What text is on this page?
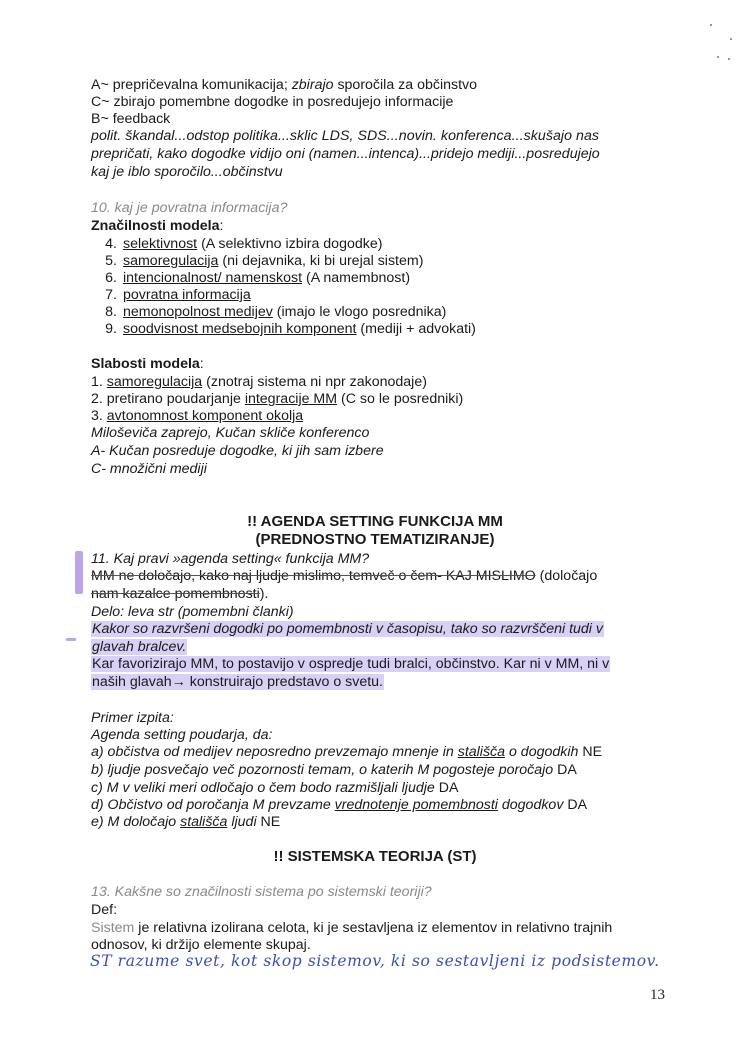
A~ prepričevalna komunikacija; zbirajo sporočila za občinstvo
C~ zbirajo pomembne dogodke in posredujejo informacije
B~ feedback
polit. škandal...odstop politika...sklic LDS, SDS...novin. konferenca...skušajo nas
prepričati, kako dogodke vidijo oni (namen...intenca)...pridejo mediji...posredujejo
kaj je iblo sporočilo...občinstvu
10. kaj je povratna informacija?
Značilnosti modela:
4. selektivnost (A selektivno izbira dogodke)
5. samoregulacija (ni dejavnika, ki bi urejal sistem)
6. intencionalnost/ namenskost (A namembnost)
7. povratna informacija
8. nemonopolnost medijev (imajo le vlogo posrednika)
9. soodvisnost medsebojnih komponent (mediji + advokati)
Slabosti modela:
1. samoregulacija (znotraj sistema ni npr zakonodaje)
2. pretirano poudarjanje integracije MM (C so le posredniki)
3. avtonomnost komponent okolja
Miloševiča zaprejo, Kučan skliče konferenco
A- Kučan posreduje dogodke, ki jih sam izbere
C- množični mediji
!! AGENDA SETTING FUNKCIJA MM
(PREDNOSTNO TEMATIZIRANJE)
11. Kaj pravi »agenda setting« funkcija MM?
MM ne določajo, kako naj ljudje mislimo, temveč o čem- KAJ MISLIMO (določajo
nam kazalce pomembnosti).
Delo: leva str (pomembni članki)
Kakor so razvršeni dogodki po pomembnosti v časopisu, tako so razvrščeni tudi v
glavah bralcev.
Kar favorizirajo MM, to postavijo v ospredje tudi bralci, občinstvo. Kar ni v MM, ni v
naših glavah→ konstruirajo predstavo o svetu.
Primer izpita:
Agenda setting poudarja, da:
a) občistva od medijev neposredno prevzemajo mnenje in stališča o dogodkih NE
b) ljudje posvečajo več pozornosti temam, o katerih M pogosteje poročajo DA
c) M v veliki meri odločajo o čem bodo razmišljali ljudje DA
d) Občistvo od poročanja M prevzame vrednotenje pomembnosti dogodkov DA
e) M določajo stališča ljudi NE
!! SISTEMSKA TEORIJA (ST)
13. Kakšne so značilnosti sistema po sistemski teoriji?
Def:
Sistem je relativna izolirana celota, ki je sestavljena iz elementov in relativno trajnih
odnosov, ki držijo elemente skupaj.
ST razume svet, kot skop sistemov, ki so sestavljeni iz podsistemov.
13
